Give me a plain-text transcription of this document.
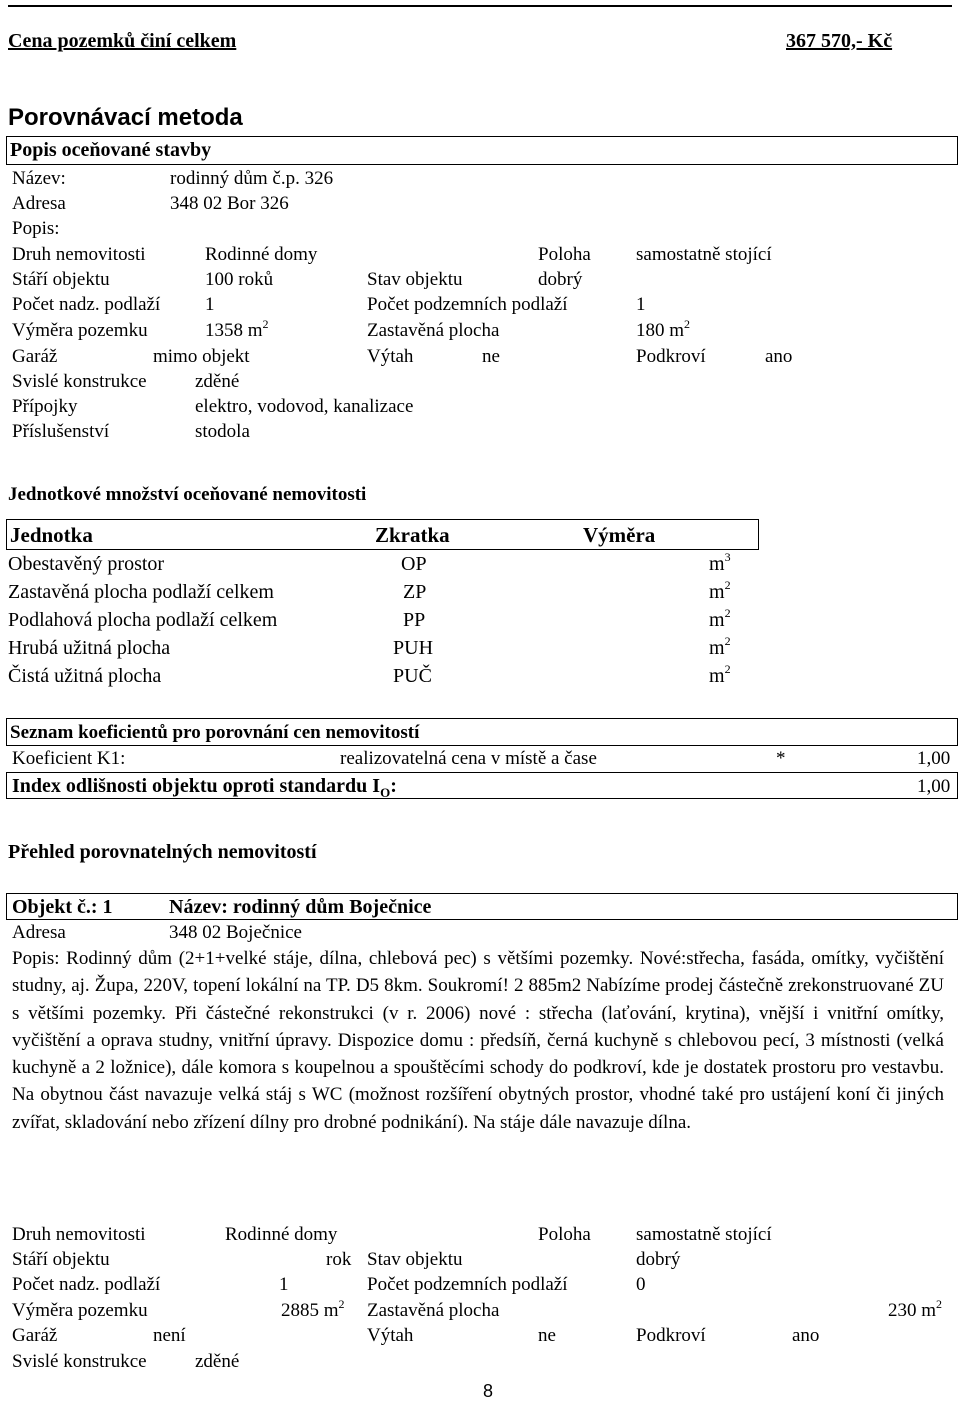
Cena pozemků činí celkem	367 570,- Kč
Porovnávací metoda
Popis oceňované stavby
Název:	rodinný dům č.p. 326
Adresa	348 02 Bor 326
Popis:
Druh nemovitosti	Rodinné domy	Poloha samostatně stojící
Stáří objektu	100 roků	Stav objektu	dobrý
Počet nadz. podlaží 1	Počet podzemních podlaží	1
Výměra pozemku	1358 $m^2$	Zastavěná plocha	180 $m^2$
Garáž	mimo objekt	Výtah	ne	Podkroví	ano
Svislé konstrukce	zděné
Přípojky	elektro, vodovod, kanalizace
Příslušenství	stodola
Jednotkové množství oceňované nemovitosti
Jednotka	Zkratka	Výměra
Obestavěný prostor	OP	$m^3$
Zastavěná plocha podlaží celkem	ZP	$m^2$
Podlahová plocha podlaží celkem	PP	$m^2$
Hrubá užitná plocha	PUH	$m^2$
Čistá užitná plocha	PUČ	$m^2$
Seznam koeficientů pro porovnání cen nemovitostí
Koeficient K1:	realizovatelná cena v místě a čase	*	1,00
Index odlišnosti objektu oproti standardu $I_O$:	1,00
Přehled porovnatelných nemovitostí
Objekt č.: 1	Název: rodinný dům Boječnice
Adresa	348 02 Boječnice
Popis: Rodinný dům (2+1+velké stáje, dílna, chlebová pec) s většími pozemky. Nové:střecha, fasáda, omítky, vyčištění studny, aj. Župa, 220V, topení lokální na TP. D5 8km. Soukromí! 2 885m2 Nabízíme prodej částečně zrekonstruované ZU s většími pozemky. Při částečné rekonstrukci (v r. 2006) nové : střecha (laťování, krytina), vnější i vnitřní omítky, vyčištění a oprava studny, vnitřní úpravy. Dispozice domu : předsíň, černá kuchyně s chlebovou pecí, 3 místnosti (velká kuchyně a 2 ložnice), dále komora s koupelnou a spouštěcími schody do podkroví, kde je dostatek prostoru pro vestavbu. Na obytnou část navazuje velká stáj s WC (možnost rozšíření obytných prostor, vhodné také pro ustájení koní či jiných zvířat, skladování nebo zřízení dílny pro drobné podnikání). Na stáje dále navazuje dílna.
Druh nemovitosti	Rodinné domy	Poloha samostatně stojící
Stáří objektu	rok Stav objektu	dobrý
Počet nadz. podlaží	1	Počet podzemních podlaží	0
Výměra pozemku	2885 $m^2$ Zastavěná plocha	230 $m^2$
Garáž	není	Výtah	ne	Podkroví	ano
Svislé konstrukce	zděné
8
